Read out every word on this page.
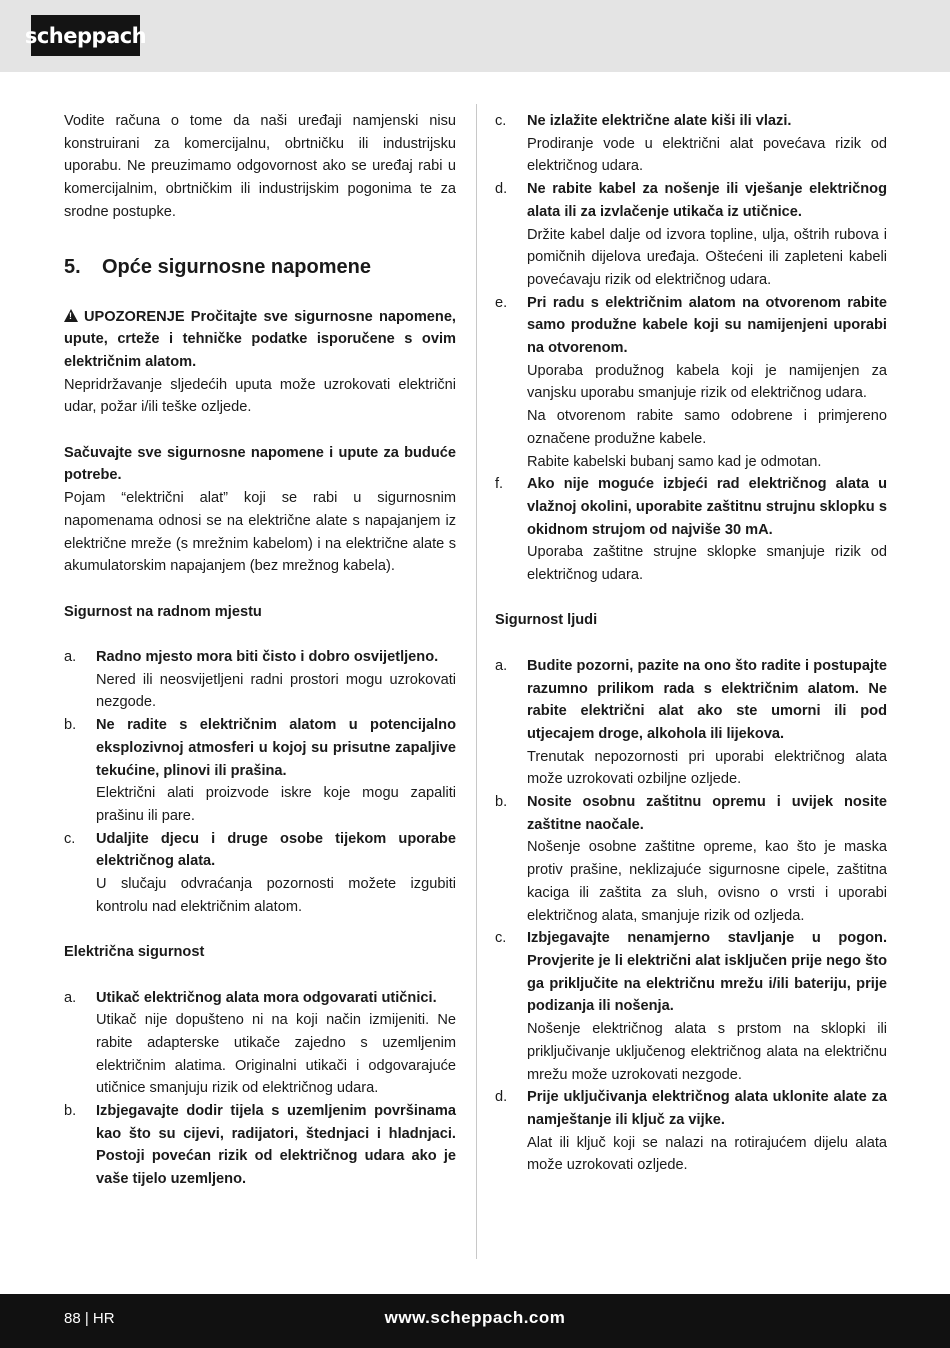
scheppach

Vodite računa o tome da naši uređaji namjenski nisu konstruirani za komercijalnu, obrtničku ili industrijsku uporabu. Ne preuzimamo odgovornost ako se uređaj rabi u komercijalnim, obrtničkim ili industrijskim pogonima te za srodne postupke.

5.	Opće sigurnosne napomene

!UPOZORENJE Pročitajte sve sigurnosne napomene, upute, crteže i tehničke podatke isporučene s ovim električnim alatom.

Nepridržavanje sljedećih uputa može uzrokovati električni udar, požar i/ili teške ozljede.

Sačuvajte sve sigurnosne napomene i upute za buduće potrebe.

Pojam “električni alat” koji se rabi u sigurnosnim napomenama odnosi se na električne alate s napajanjem iz električne mreže (s mrežnim kabelom) i na električne alate s akumulatorskim napajanjem (bez mrežnog kabela).

Sigurnost na radnom mjestu

a.	Radno mjesto mora biti čisto i dobro osvijetljeno.

Nered ili neosvijetljeni radni prostori mogu uzrokovati nezgode.

b.	Ne radite s električnim alatom u potencijalno eksplozivnoj atmosferi u kojoj su prisutne zapaljive tekućine, plinovi ili prašina.

Električni alati proizvode iskre koje mogu zapaliti prašinu ili pare.

c.	Udaljite djecu i druge osobe tijekom uporabe električnog alata.

U slučaju odvraćanja pozornosti možete izgubiti kontrolu nad električnim alatom.

Električna sigurnost

a.	Utikač električnog alata mora odgovarati utičnici.

Utikač nije dopušteno ni na koji način izmijeniti. Ne rabite adapterske utikače zajedno s uzemljenim električnim alatima. Originalni utikači i odgovarajuće utičnice smanjuju rizik od električnog udara.

b.	Izbjegavajte dodir tijela s uzemljenim površinama kao što su cijevi, radijatori, štednjaci i hladnjaci. Postoji povećan rizik od električnog udara ako je vaše tijelo uzemljeno.

c.	Ne izlažite električne alate kiši ili vlazi.

Prodiranje vode u električni alat povećava rizik od električnog udara.

d.	Ne rabite kabel za nošenje ili vješanje električnog alata ili za izvlačenje utikača iz utičnice.

Držite kabel dalje od izvora topline, ulja, oštrih rubova i pomičnih dijelova uređaja. Oštećeni ili zapleteni kabeli povećavaju rizik od električnog udara.

e.	Pri radu s električnim alatom na otvorenom rabite samo produžne kabele koji su namijenjeni uporabi na otvorenom.

Uporaba produžnog kabela koji je namijenjen za vanjsku uporabu smanjuje rizik od električnog udara.

Na otvorenom rabite samo odobrene i primjereno označene produžne kabele.

Rabite kabelski bubanj samo kad je odmotan.

f.	Ako nije moguće izbjeći rad električnog alata u vlažnoj okolini, uporabite zaštitnu strujnu sklopku s okidnom strujom od najviše 30 mA.

Uporaba zaštitne strujne sklopke smanjuje rizik od električnog udara.

Sigurnost ljudi

a.	Budite pozorni, pazite na ono što radite i postupajte razumno prilikom rada s električnim alatom. Ne rabite električni alat ako ste umorni ili pod utjecajem droge, alkohola ili lijekova.

Trenutak nepozornosti pri uporabi električnog alata može uzrokovati ozbiljne ozljede.

b.	Nosite osobnu zaštitnu opremu i uvijek nosite zaštitne naočale.

Nošenje osobne zaštitne opreme, kao što je maska protiv prašine, neklizajuće sigurnosne cipele, zaštitna kaciga ili zaštita za sluh, ovisno o vrsti i uporabi električnog alata, smanjuje rizik od ozljeda.

c.	Izbjegavajte nenamjerno stavljanje u pogon. Provjerite je li električni alat isključen prije nego što ga priključite na električnu mrežu i/ili bateriju, prije podizanja ili nošenja.

Nošenje električnog alata s prstom na sklopki ili priključivanje uključenog električnog alata na električnu mrežu može uzrokovati nezgode.

d.	Prije uključivanja električnog alata uklonite alate za namještanje ili ključ za vijke.

Alat ili ključ koji se nalazi na rotirajućem dijelu alata može uzrokovati ozljede.

88 | HR	www.scheppach.com
